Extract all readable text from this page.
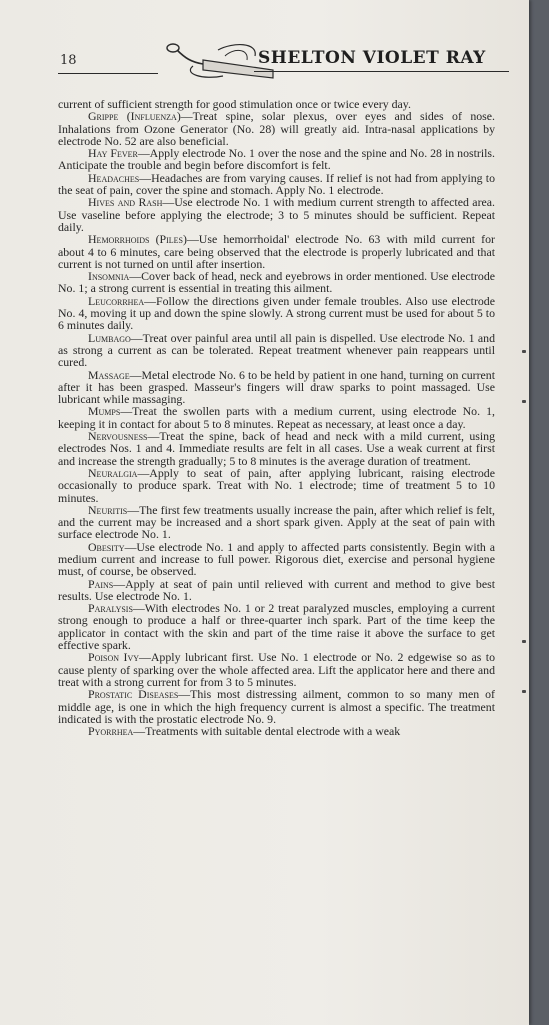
18	SHELTON VIOLET RAY

current of sufficient strength for good stimulation once or twice every day.

Grippe (Influenza)—Treat spine, solar plexus, over eyes and sides of nose. Inhalations from Ozone Generator (No. 28) will greatly aid. Intra-nasal applications by electrode No. 52 are also beneficial.

Hay Fever—Apply electrode No. 1 over the nose and the spine and No. 28 in nostrils. Anticipate the trouble and begin before discomfort is felt.

Headaches—Headaches are from varying causes. If relief is not had from applying to the seat of pain, cover the spine and stomach. Apply No. 1 electrode.

Hives and Rash—Use electrode No. 1 with medium current strength to affected area. Use vaseline before applying the electrode; 3 to 5 minutes should be sufficient. Repeat daily.

Hemorrhoids (Piles)—Use hemorrhoidal' electrode No. 63 with mild current for about 4 to 6 minutes, care being observed that the electrode is properly lubricated and that current is not turned on until after insertion.

Insomnia—Cover back of head, neck and eyebrows in order mentioned. Use electrode No. 1; a strong current is essential in treating this ailment.

Leucorrhea—Follow the directions given under female troubles. Also use electrode No. 4, moving it up and down the spine slowly. A strong current must be used for about 5 to 6 minutes daily.

Lumbago—Treat over painful area until all pain is dispelled. Use electrode No. 1 and as strong a current as can be tolerated. Repeat treatment whenever pain reappears until cured.

Massage—Metal electrode No. 6 to be held by patient in one hand, turning on current after it has been grasped. Masseur's fingers will draw sparks to point massaged. Use lubricant while massaging.

Mumps—Treat the swollen parts with a medium current, using electrode No. 1, keeping it in contact for about 5 to 8 minutes. Repeat as necessary, at least once a day.

Nervousness—Treat the spine, back of head and neck with a mild current, using electrodes Nos. 1 and 4. Immediate results are felt in all cases. Use a weak current at first and increase the strength gradually; 5 to 8 minutes is the average duration of treatment.

Neuralgia—Apply to seat of pain, after applying lubricant, raising electrode occasionally to produce spark. Treat with No. 1 electrode; time of treatment 5 to 10 minutes.

Neuritis—The first few treatments usually increase the pain, after which relief is felt, and the current may be increased and a short spark given. Apply at the seat of pain with surface electrode No. 1.

Obesity—Use electrode No. 1 and apply to affected parts consistently. Begin with a medium current and increase to full power. Rigorous diet, exercise and personal hygiene must, of course, be observed.

Pains—Apply at seat of pain until relieved with current and method to give best results. Use electrode No. 1.

Paralysis—With electrodes No. 1 or 2 treat paralyzed muscles, employing a current strong enough to produce a half or three-quarter inch spark. Part of the time keep the applicator in contact with the skin and part of the time raise it above the surface to get effective spark.

Poison Ivy—Apply lubricant first. Use No. 1 electrode or No. 2 edgewise so as to cause plenty of sparking over the whole affected area. Lift the applicator here and there and treat with a strong current for from 3 to 5 minutes.

Prostatic Diseases—This most distressing ailment, common to so many men of middle age, is one in which the high frequency current is almost a specific. The treatment indicated is with the prostatic electrode No. 9.

Pyorrhea—Treatments with suitable dental electrode with a weak
